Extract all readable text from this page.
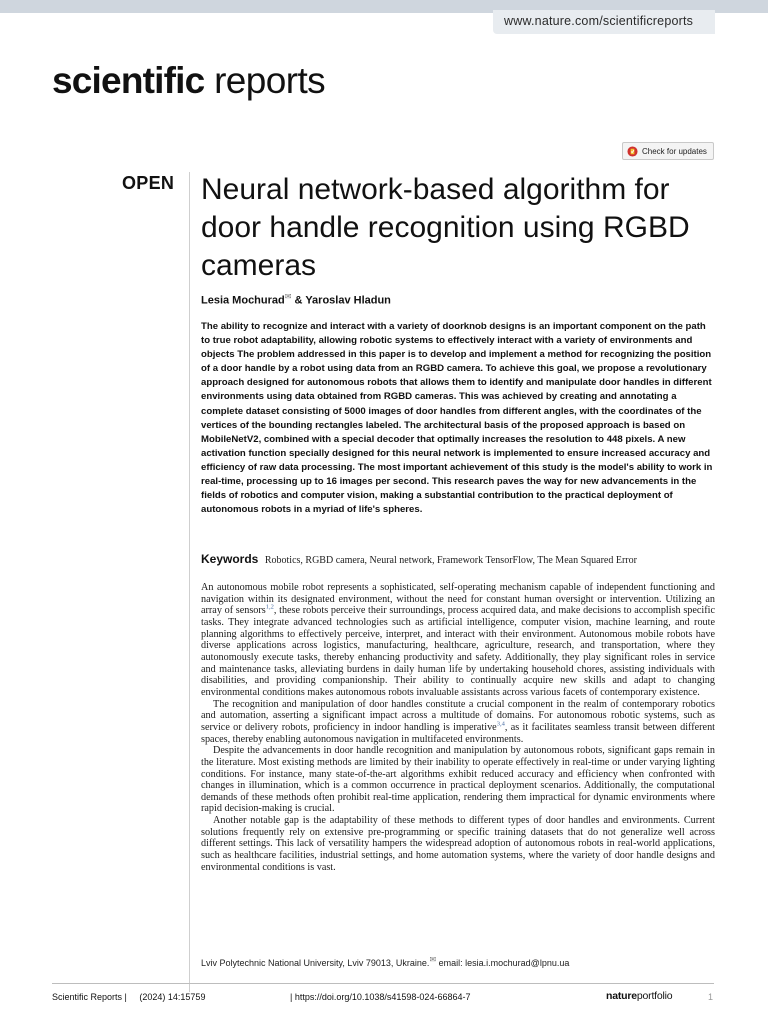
www.nature.com/scientificreports
scientific reports
Check for updates
OPEN Neural network-based algorithm for door handle recognition using RGBD cameras
Lesia Mochurad✉ & Yaroslav Hladun
The ability to recognize and interact with a variety of doorknob designs is an important component on the path to true robot adaptability, allowing robotic systems to effectively interact with a variety of environments and objects The problem addressed in this paper is to develop and implement a method for recognizing the position of a door handle by a robot using data from an RGBD camera. To achieve this goal, we propose a revolutionary approach designed for autonomous robots that allows them to identify and manipulate door handles in different environments using data obtained from RGBD cameras. This was achieved by creating and annotating a complete dataset consisting of 5000 images of door handles from different angles, with the coordinates of the vertices of the bounding rectangles labeled. The architectural basis of the proposed approach is based on MobileNetV2, combined with a special decoder that optimally increases the resolution to 448 pixels. A new activation function specially designed for this neural network is implemented to ensure increased accuracy and efficiency of raw data processing. The most important achievement of this study is the model's ability to work in real-time, processing up to 16 images per second. This research paves the way for new advancements in the fields of robotics and computer vision, making a substantial contribution to the practical deployment of autonomous robots in a myriad of life's spheres.
Keywords Robotics, RGBD camera, Neural network, Framework TensorFlow, The Mean Squared Error

An autonomous mobile robot represents a sophisticated, self-operating mechanism capable of independent functioning and navigation within its designated environment, without the need for constant human oversight or intervention. Utilizing an array of sensors$^{1,2}$, these robots perceive their surroundings, process acquired data, and make decisions to accomplish specific tasks. They integrate advanced technologies such as artificial intelligence, computer vision, machine learning, and route planning algorithms to effectively perceive, interpret, and interact with their environment. Autonomous mobile robots have diverse applications across logistics, manufacturing, healthcare, agriculture, research, and transportation, where they autonomously execute tasks, thereby enhancing productivity and safety. Additionally, they play significant roles in service and maintenance tasks, alleviating burdens in daily human life by undertaking household chores, assisting individuals with disabilities, and providing companionship. Their ability to continually acquire new skills and adapt to changing environmental conditions makes autonomous robots invaluable assistants across various facets of contemporary existence.

The recognition and manipulation of door handles constitute a crucial component in the realm of contemporary robotics and automation, asserting a significant impact across a multitude of domains. For autonomous robotic systems, such as service or delivery robots, proficiency in indoor handling is imperative$^{3,4}$, as it facilitates seamless transit between different spaces, thereby enabling autonomous navigation in multifaceted environments.

Despite the advancements in door handle recognition and manipulation by autonomous robots, significant gaps remain in the literature. Most existing methods are limited by their inability to operate effectively in real-time or under varying lighting conditions. For instance, many state-of-the-art algorithms exhibit reduced accuracy and efficiency when confronted with changes in illumination, which is a common occurrence in practical deployment scenarios. Additionally, the computational demands of these methods often prohibit real-time application, rendering them impractical for dynamic environments where rapid decision-making is crucial.

Another notable gap is the adaptability of these methods to different types of door handles and environments. Current solutions frequently rely on extensive pre-programming or specific training datasets that do not generalize well across different settings. This lack of versatility hampers the widespread adoption of autonomous robots in real-world applications, such as healthcare facilities, industrial settings, and home automation systems, where the variety of door handle designs and environmental conditions is vast.

Lviv Polytechnic National University, Lviv 79013, Ukraine.✉ email: lesia.i.mochurad@lpnu.ua
Scientific Reports | (2024) 14:15759	| https://doi.org/10.1038/s41598-024-66864-7	natureportfolio	1
